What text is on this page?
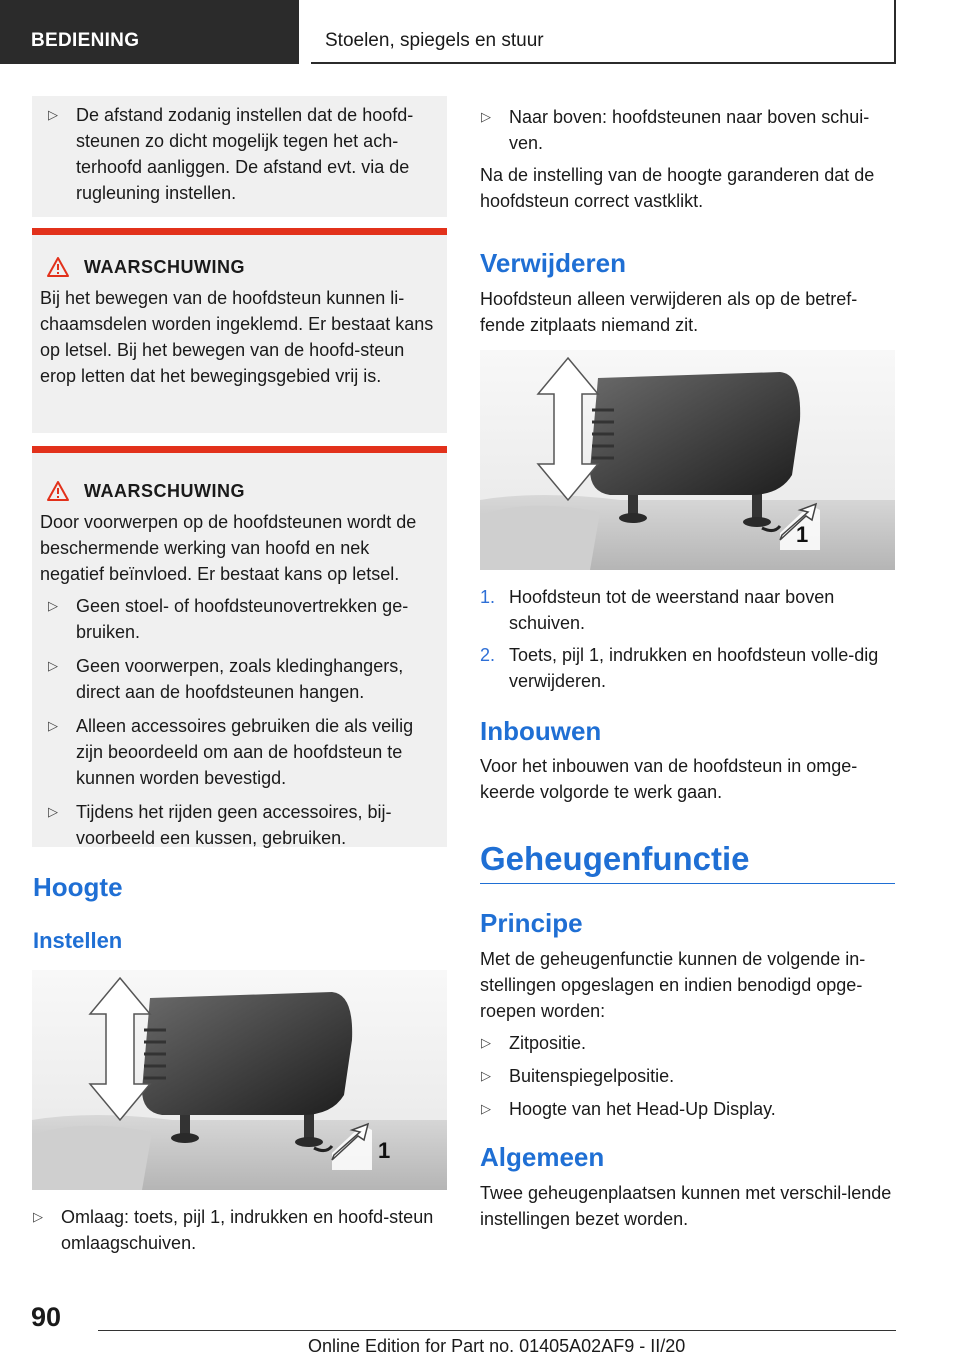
BEDIENING	Stoelen, spiegels en stuur
▷	De afstand zodanig instellen dat de hoofd-steunen zo dicht mogelijk tegen het ach-terhoofd aanliggen. De afstand evt. via de rugleuning instellen.
WAARSCHUWING

Bij het bewegen van de hoofdsteun kunnen li-chaamsdelen worden ingeklemd. Er bestaat kans op letsel. Bij het bewegen van de hoofd-steun erop letten dat het bewegingsgebied vrij is.

WAARSCHUWING

Door voorwerpen op de hoofdsteunen wordt de beschermende werking van hoofd en nek negatief beïnvloed. Er bestaat kans op letsel.

▷	Geen stoel- of hoofdsteunovertrekken ge-bruiken.
▷	Geen voorwerpen, zoals kledinghangers, direct aan de hoofdsteunen hangen.
▷	Alleen accessoires gebruiken die als veilig zijn beoordeeld om aan de hoofdsteun te kunnen worden bevestigd.
▷	Tijdens het rijden geen accessoires, bij-voorbeeld een kussen, gebruiken.
Hoogte
Instellen
1
▷	Omlaag: toets, pijl 1, indrukken en hoofd-steun omlaagschuiven.
▷	Naar boven: hoofdsteunen naar boven schui-ven.

Na de instelling van de hoogte garanderen dat de hoofdsteun correct vastklikt.

Verwijderen

Hoofdsteun alleen verwijderen als op de betref-fende zitplaats niemand zit.

1
1. Hoofdsteun tot de weerstand naar boven schuiven.
2. Toets, pijl 1, indrukken en hoofdsteun volle-dig verwijderen.
Inbouwen

Voor het inbouwen van de hoofdsteun in omge-keerde volgorde te werk gaan.

Geheugenfunctie
Principe

Met de geheugenfunctie kunnen de volgende in-stellingen opgeslagen en indien benodigd opge-roepen worden:

▷	Zitpositie.
▷	Buitenspiegelpositie.
▷	Hoogte van het Head-Up Display.
Algemeen

Twee geheugenplaatsen kunnen met verschil-lende instellingen bezet worden.

90
Online Edition for Part no. 01405A02AF9 - II/20
